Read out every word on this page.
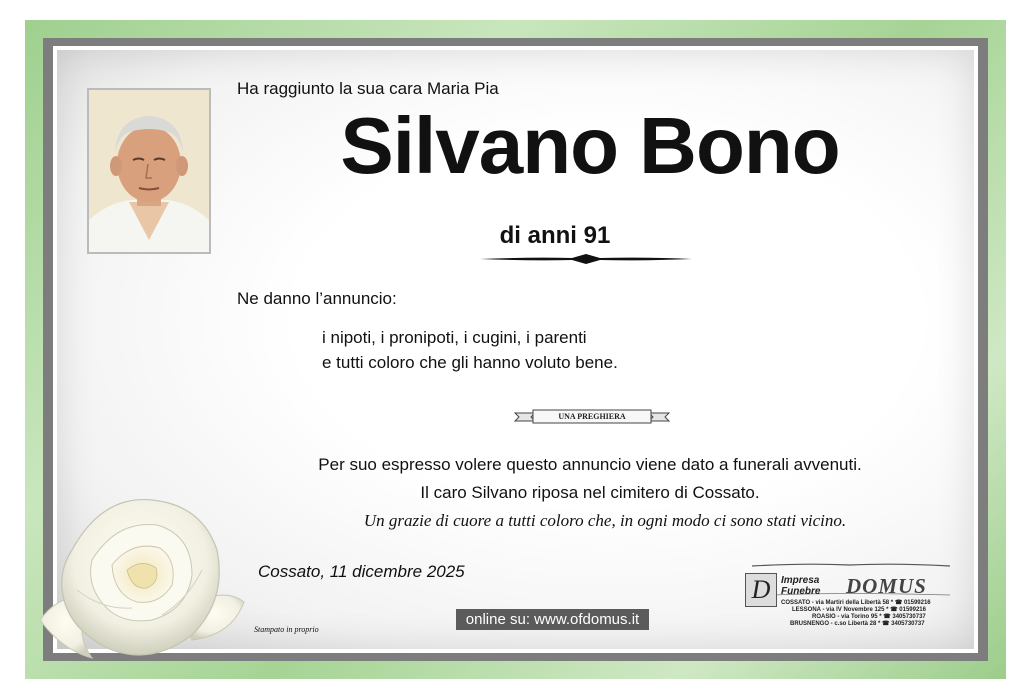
Ha raggiunto la sua cara Maria Pia
Silvano Bono
di anni 91
Ne danno l’annuncio:
i nipoti, i pronipoti, i cugini, i parenti
e tutti coloro che gli hanno voluto bene.
UNA PREGHIERA
Per suo espresso volere questo annuncio viene dato a funerali avvenuti.
Il caro Silvano riposa nel cimitero di Cossato.
Un grazie di cuore a tutti coloro che, in ogni modo ci sono stati vicino.
Cossato, 11 dicembre 2025
Stampato in proprio
online su: www.ofdomus.it
D	Impresa
Funebre DOMUS
COSSATO - via Martiri della Libertà 58 * ☎ 01599216
LESSONA - via IV Novembre 125 * ☎ 01599216
ROASIO - via Torino 95 * ☎ 3405730737
BRUSNENGO - c.so Libertà 28 * ☎ 3405730737
